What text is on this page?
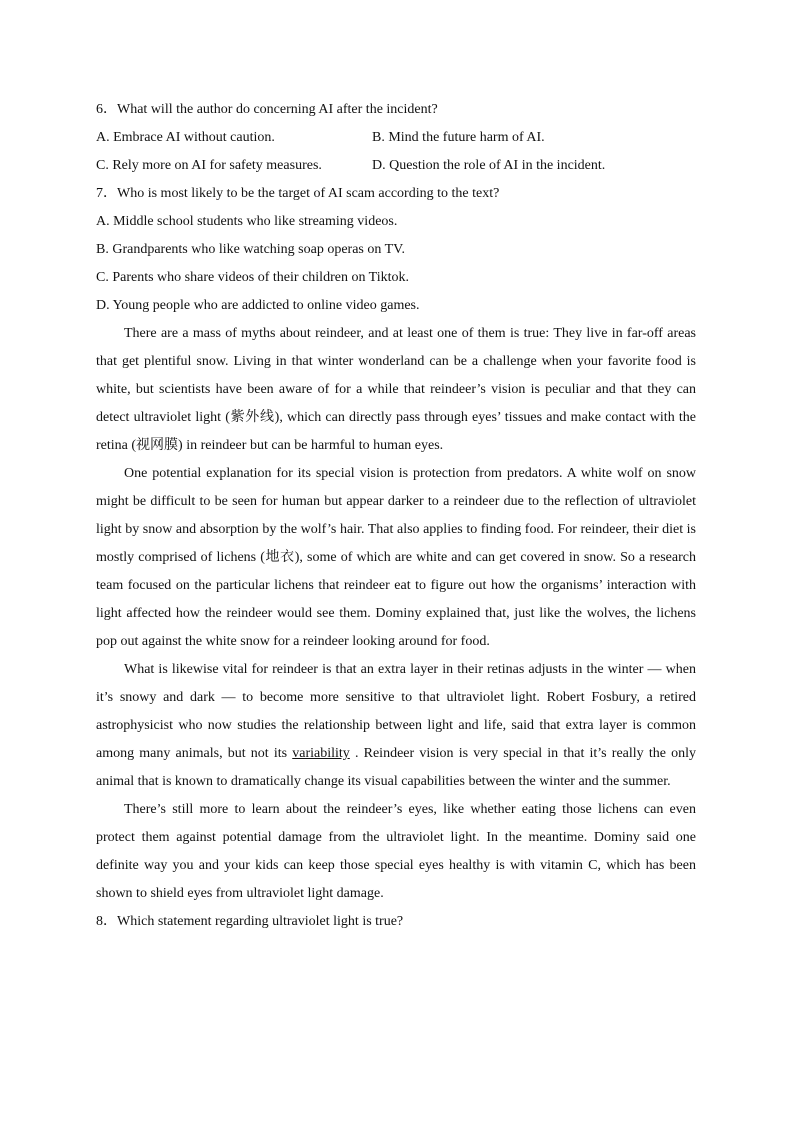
6．What will the author do concerning AI after the incident?
A. Embrace AI without caution.	B. Mind the future harm of AI.
C. Rely more on AI for safety measures.	D. Question the role of AI in the incident.
7．Who is most likely to be the target of AI scam according to the text?
A. Middle school students who like streaming videos.
B. Grandparents who like watching soap operas on TV.
C. Parents who share videos of their children on Tiktok.
D. Young people who are addicted to online video games.

There are a mass of myths about reindeer, and at least one of them is true: They live in far-off areas that get plentiful snow. Living in that winter wonderland can be a challenge when your favorite food is white, but scientists have been aware of for a while that reindeer’s vision is peculiar and that they can detect ultraviolet light (紫外线), which can directly pass through eyes’ tissues and make contact with the retina (视网膜) in reindeer but can be harmful to human eyes.

One potential explanation for its special vision is protection from predators. A white wolf on snow might be difficult to be seen for human but appear darker to a reindeer due to the reflection of ultraviolet light by snow and absorption by the wolf’s hair. That also applies to finding food. For reindeer, their diet is mostly comprised of lichens (地衣), some of which are white and can get covered in snow. So a research team focused on the particular lichens that reindeer eat to figure out how the organisms’ interaction with light affected how the reindeer would see them. Dominy explained that, just like the wolves, the lichens pop out against the white snow for a reindeer looking around for food.

What is likewise vital for reindeer is that an extra layer in their retinas adjusts in the winter — when it’s snowy and dark — to become more sensitive to that ultraviolet light. Robert Fosbury, a retired astrophysicist who now studies the relationship between light and life, said that extra layer is common among many animals, but not its variability . Reindeer vision is very special in that it’s really the only animal that is known to dramatically change its visual capabilities between the winter and the summer.

There’s still more to learn about the reindeer’s eyes, like whether eating those lichens can even protect them against potential damage from the ultraviolet light. In the meantime. Dominy said one definite way you and your kids can keep those special eyes healthy is with vitamin C, which has been shown to shield eyes from ultraviolet light damage.

8．Which statement regarding ultraviolet light is true?
